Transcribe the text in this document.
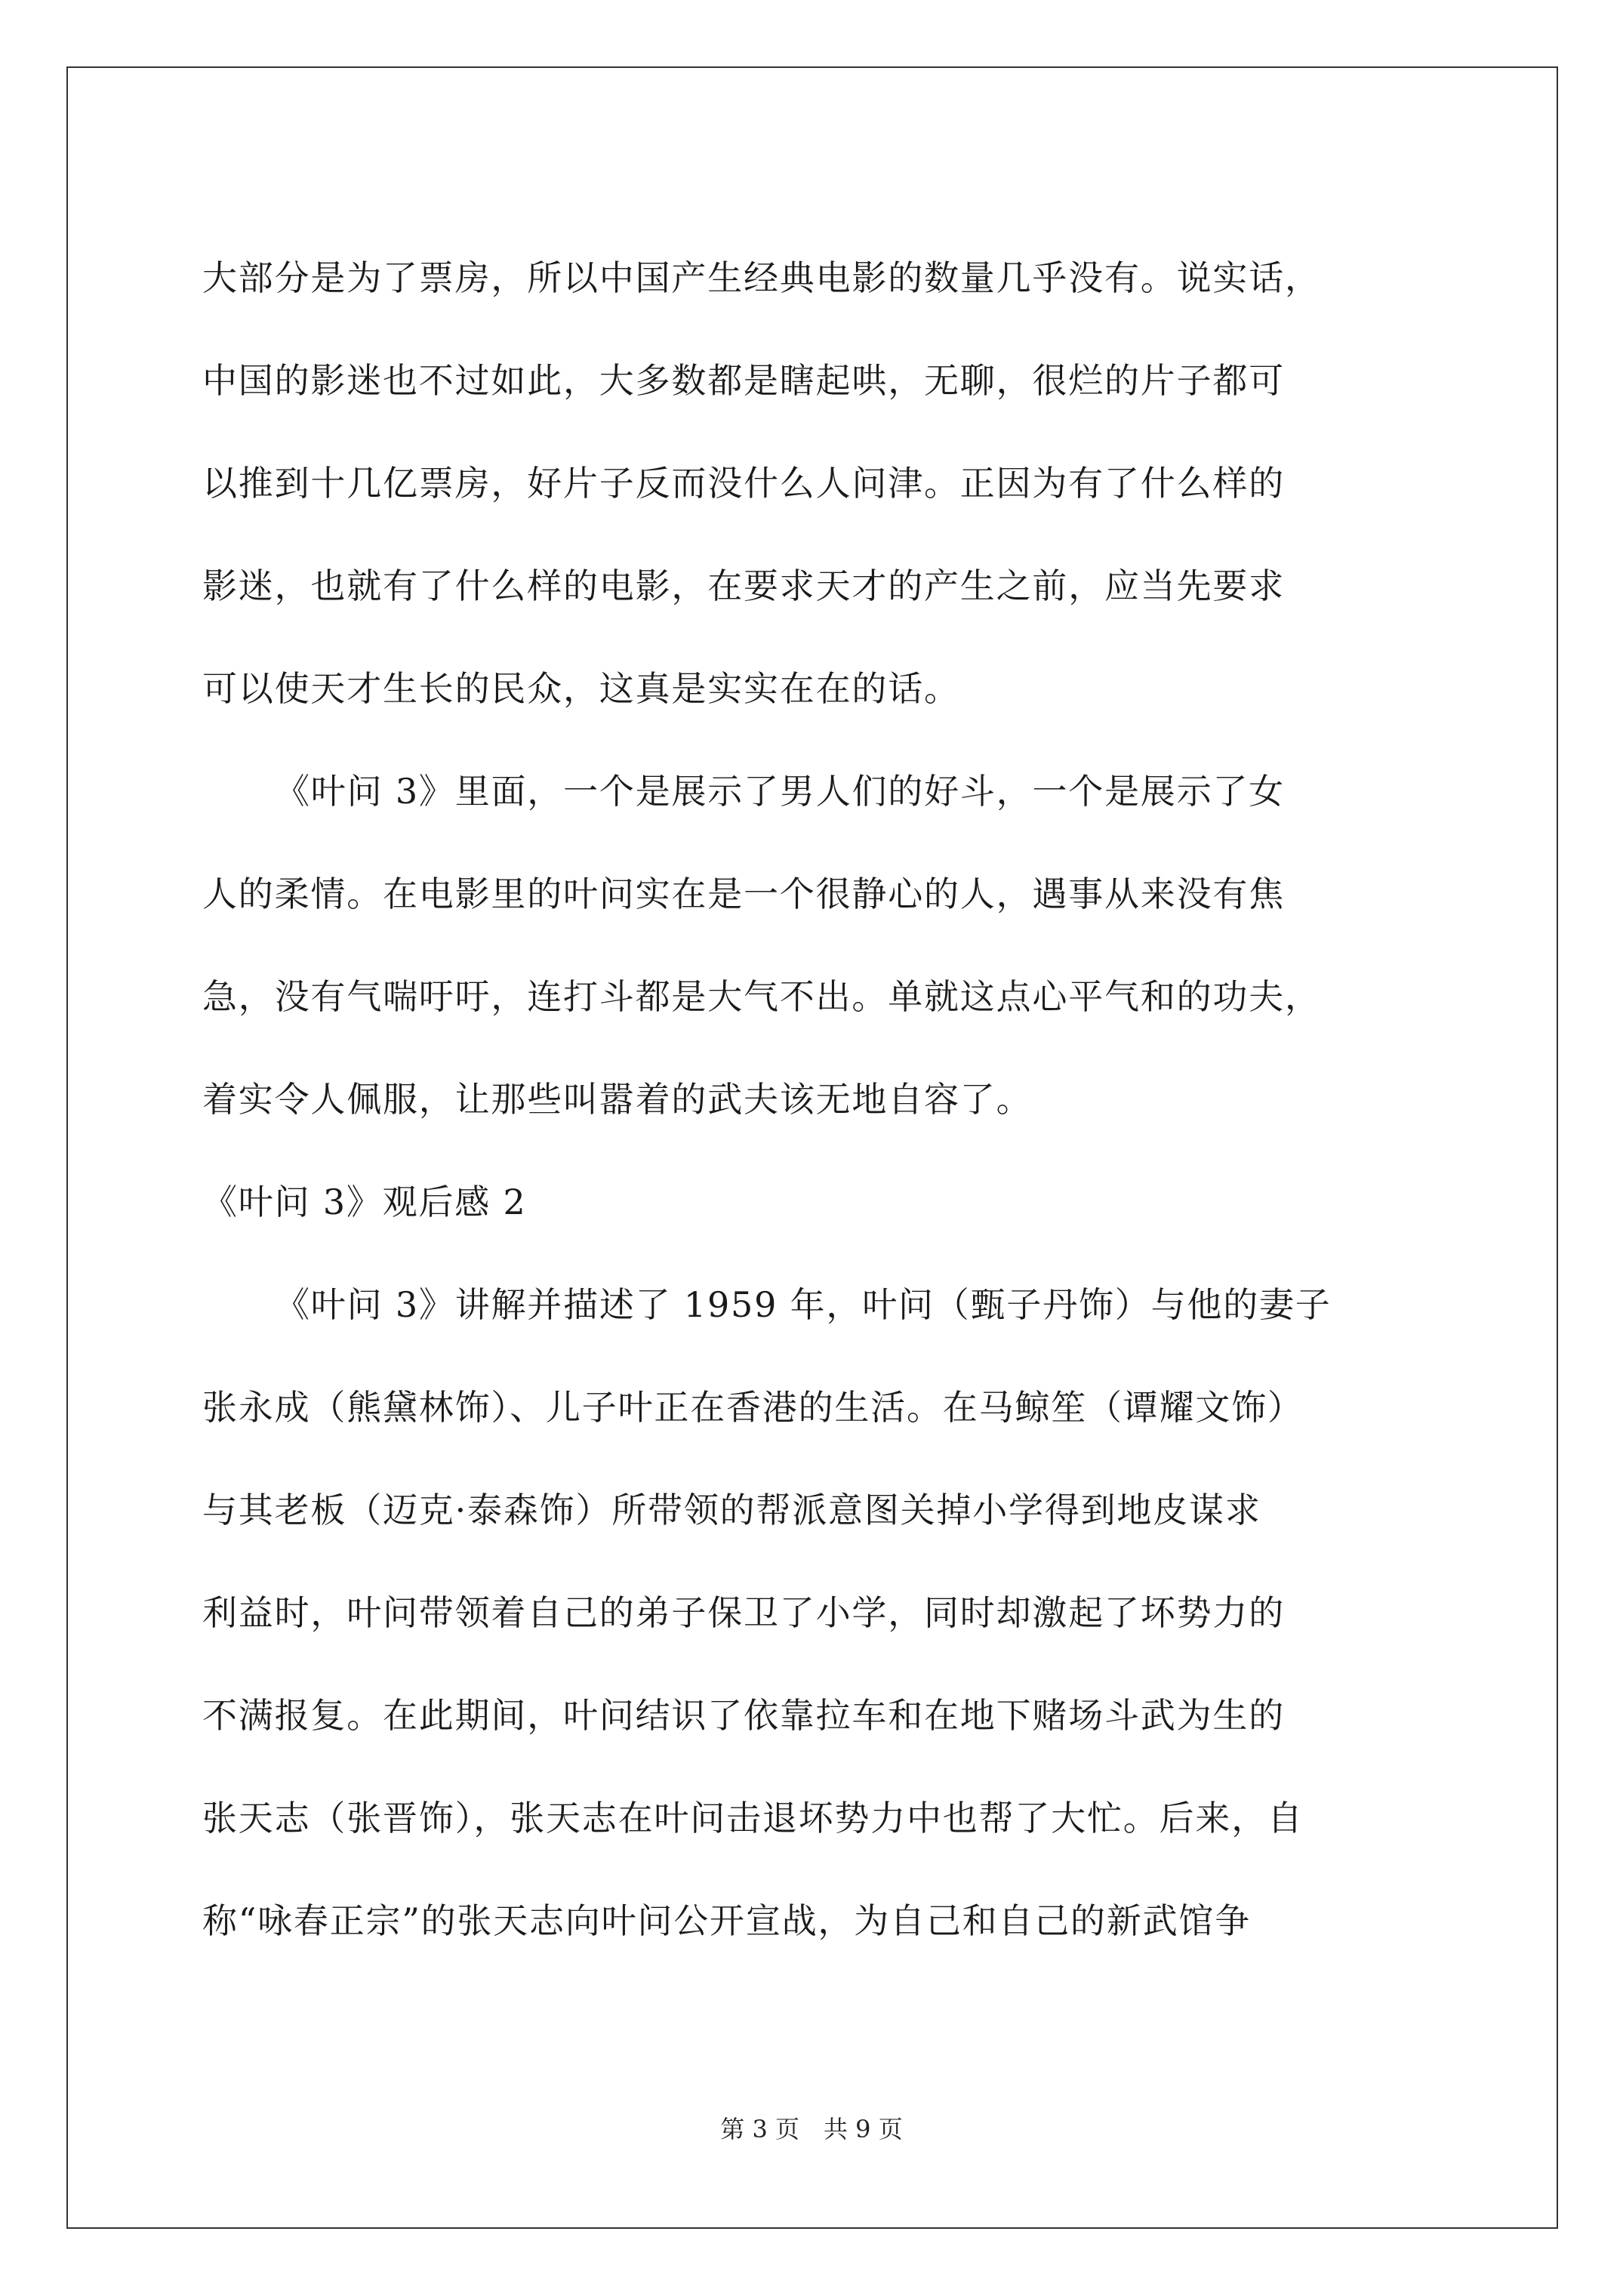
大部分是为了票房，所以中国产生经典电影的数量几乎没有。说实话，
中国的影迷也不过如此，大多数都是瞎起哄，无聊，很烂的片子都可
以推到十几亿票房，好片子反而没什么人问津。正因为有了什么样的
影迷，也就有了什么样的电影，在要求天才的产生之前，应当先要求
可以使天才生长的民众，这真是实实在在的话。
《叶问 3》里面，一个是展示了男人们的好斗，一个是展示了女
人的柔情。在电影里的叶问实在是一个很静心的人，遇事从来没有焦
急，没有气喘吁吁，连打斗都是大气不出。单就这点心平气和的功夫，
着实令人佩服，让那些叫嚣着的武夫该无地自容了。
《叶问 3》观后感 2
《叶问 3》讲解并描述了 1959 年，叶问（甄子丹饰）与他的妻子
张永成（熊黛林饰）、儿子叶正在香港的生活。在马鲸笙（谭耀文饰）
与其老板（迈克·泰森饰）所带领的帮派意图关掉小学得到地皮谋求
利益时，叶问带领着自己的弟子保卫了小学，同时却激起了坏势力的
不满报复。在此期间，叶问结识了依靠拉车和在地下赌场斗武为生的
张天志（张晋饰），张天志在叶问击退坏势力中也帮了大忙。后来，自
称“咏春正宗”的张天志向叶问公开宣战，为自己和自己的新武馆争
第 3 页　共 9 页
